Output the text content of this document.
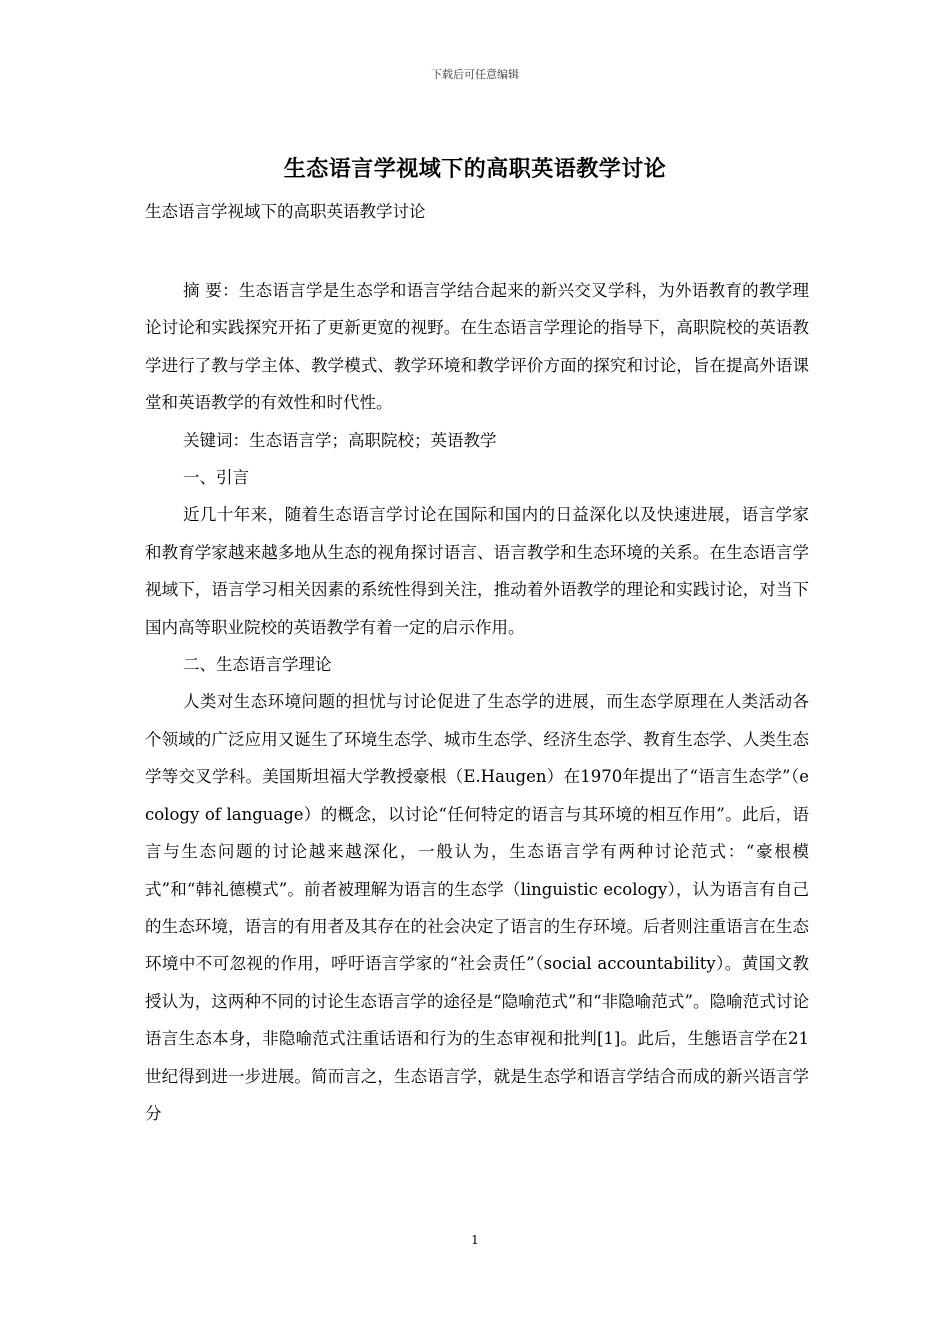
下载后可任意编辑
生态语言学视域下的高职英语教学讨论
生态语言学视域下的高职英语教学讨论

摘 要：生态语言学是生态学和语言学结合起来的新兴交叉学科，为外语教育的教学理论讨论和实践探究开拓了更新更宽的视野。在生态语言学理论的指导下，高职院校的英语教学进行了教与学主体、教学模式、教学环境和教学评价方面的探究和讨论，旨在提高外语课堂和英语教学的有效性和时代性。

关键词：生态语言学；高职院校；英语教学

一、引言

近几十年来，随着生态语言学讨论在国际和国内的日益深化以及快速进展，语言学家和教育学家越来越多地从生态的视角探讨语言、语言教学和生态环境的关系。在生态语言学视域下，语言学习相关因素的系统性得到关注，推动着外语教学的理论和实践讨论，对当下国内高等职业院校的英语教学有着一定的启示作用。

二、生态语言学理论

人类对生态环境问题的担忧与讨论促进了生态学的进展，而生态学原理在人类活动各个领域的广泛应用又诞生了环境生态学、城市生态学、经济生态学、教育生态学、人类生态学等交叉学科。美国斯坦福大学教授豪根（E.Haugen）在1970年提出了“语言生态学”（ecology of language）的概念，以讨论“任何特定的语言与其环境的相互作用”。此后，语言与生态问题的讨论越来越深化，一般认为，生态语言学有两种讨论范式：“豪根模式”和“韩礼德模式”。前者被理解为语言的生态学（linguistic ecology），认为语言有自己的生态环境，语言的有用者及其存在的社会决定了语言的生存环境。后者则注重语言在生态环境中不可忽视的作用，呼吁语言学家的“社会责任”（social accountability）。黄国文教授认为，这两种不同的讨论生态语言学的途径是“隐喻范式”和“非隐喻范式”。隐喻范式讨论语言生态本身，非隐喻范式注重话语和行为的生态审视和批判[1]。此后，生態语言学在21世纪得到进一步进展。简而言之，生态语言学，就是生态学和语言学结合而成的新兴语言学分

1
